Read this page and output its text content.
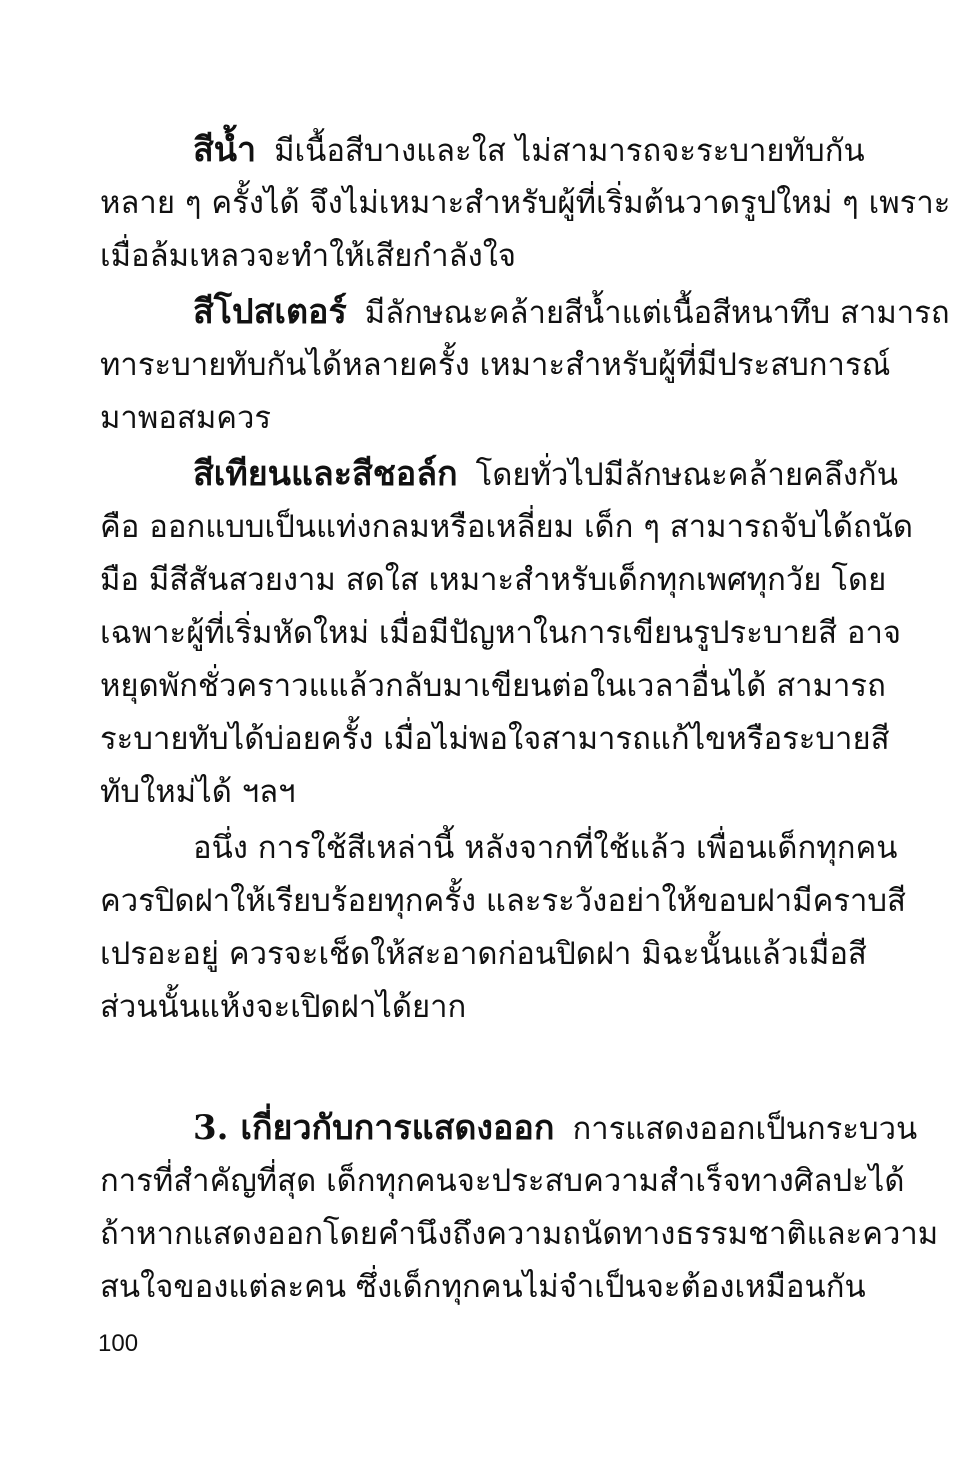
สีน้ำ มีเนื้อสีบางและใส ไม่สามารถจะระบายทับกัน
หลาย ๆ ครั้งได้ จึงไม่เหมาะสำหรับผู้ที่เริ่มต้นวาดรูปใหม่ ๆ เพราะ
เมื่อล้มเหลวจะทำให้เสียกำลังใจ
สีโปสเตอร์ มีลักษณะคล้ายสีน้ำแต่เนื้อสีหนาทึบ สามารถ
ทาระบายทับกันได้หลายครั้ง เหมาะสำหรับผู้ที่มีประสบการณ์
มาพอสมควร
สีเทียนและสีชอล์ก โดยทั่วไปมีลักษณะคล้ายคลึงกัน
คือ ออกแบบเป็นแท่งกลมหรือเหลี่ยม เด็ก ๆ สามารถจับได้ถนัด
มือ มีสีสันสวยงาม สดใส เหมาะสำหรับเด็กทุกเพศทุกวัย โดย
เฉพาะผู้ที่เริ่มหัดใหม่ เมื่อมีปัญหาในการเขียนรูประบายสี อาจ
หยุดพักชั่วคราวแแล้วกลับมาเขียนต่อในเวลาอื่นได้ สามารถ
ระบายทับได้บ่อยครั้ง เมื่อไม่พอใจสามารถแก้ไขหรือระบายสี
ทับใหม่ได้ ฯลฯ
อนึ่ง การใช้สีเหล่านี้ หลังจากที่ใช้แล้ว เพื่อนเด็กทุกคน
ควรปิดฝาให้เรียบร้อยทุกครั้ง และระวังอย่าให้ขอบฝามีคราบสี
เปรอะอยู่ ควรจะเช็ดให้สะอาดก่อนปิดฝา มิฉะนั้นแล้วเมื่อสี
ส่วนนั้นแห้งจะเปิดฝาได้ยาก
3. เกี่ยวกับการแสดงออก การแสดงออกเป็นกระบวน
การที่สำคัญที่สุด เด็กทุกคนจะประสบความสำเร็จทางศิลปะได้
ถ้าหากแสดงออกโดยคำนึงถึงความถนัดทางธรรมชาติและความ
สนใจของแต่ละคน ซึ่งเด็กทุกคนไม่จำเป็นจะต้องเหมือนกัน
100
